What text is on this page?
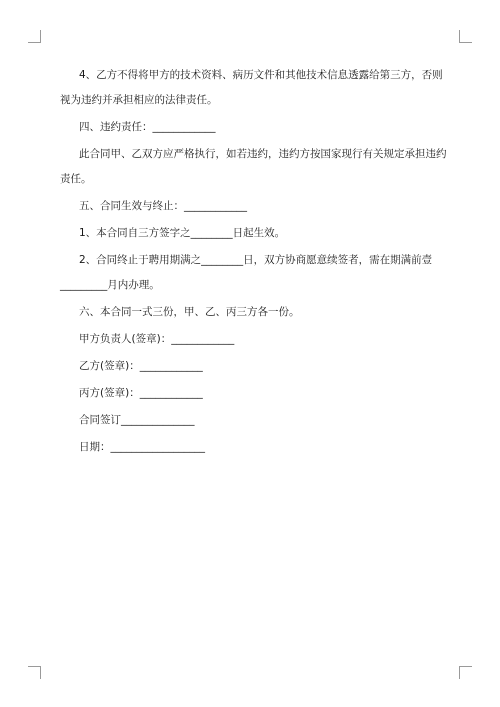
4、乙方不得将甲方的技术资料、病历文件和其他技术信息透露给第三方，否则视为违约并承担相应的法律责任。
四、违约责任：____________
此合同甲、乙双方应严格执行，如若违约，违约方按国家现行有关规定承担违约责任。
五、合同生效与终止：____________
1、本合同自三方签字之________日起生效。
2、合同终止于聘用期满之________日，双方协商愿意续签者，需在期满前壹_________月内办理。
六、本合同一式三份，甲、乙、丙三方各一份。
甲方负责人(签章)：____________
乙方(签章)：____________
丙方(签章)：____________
合同签订______________
日期：__________________
